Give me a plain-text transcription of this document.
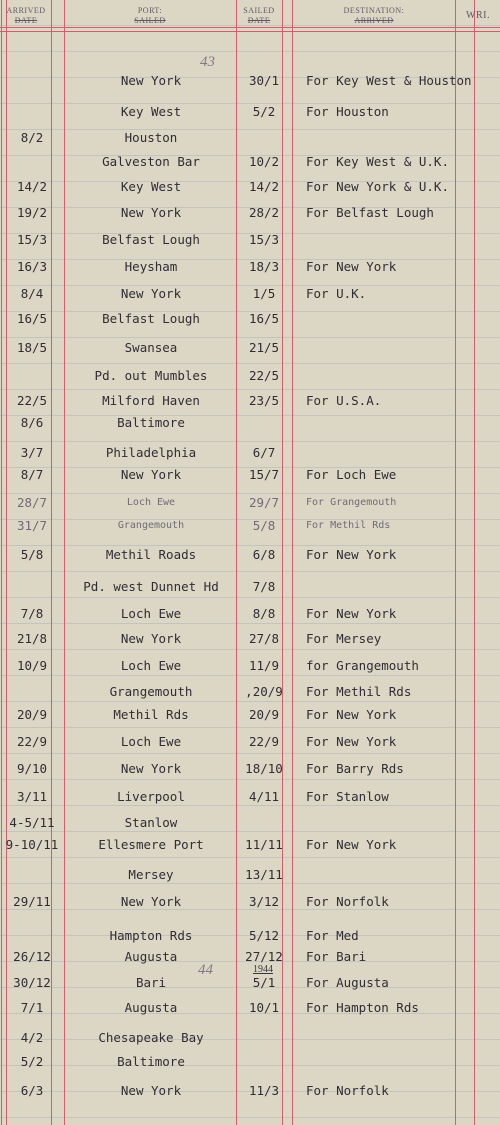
ARRIVED
DATE
PORT:
SAILED
SAILED
DATE
DESTINATION:
ARRIVED	WRI.
43
44	1944
New York	30/1	For Key West & Houston
Key West	5/2	For Houston
8/2	Houston
Galveston Bar	10/2	For Key West & U.K.
14/2	Key West	14/2	For New York & U.K.
19/2	New York	28/2	For Belfast Lough
15/3	Belfast Lough	15/3
16/3	Heysham	18/3	For New York
8/4	New York	1/5	For U.K.
16/5	Belfast Lough	16/5
18/5	Swansea	21/5
Pd. out Mumbles	22/5
22/5	Milford Haven	23/5	For U.S.A.
8/6	Baltimore
3/7	Philadelphia	6/7
8/7	New York	15/7	For Loch Ewe
28/7	Loch Ewe	29/7	For Grangemouth
31/7	Grangemouth	5/8	For Methil Rds
5/8	Methil Roads	6/8	For New York
Pd. west Dunnet Hd	7/8
7/8	Loch Ewe	8/8	For New York
21/8	New York	27/8	For Mersey
10/9	Loch Ewe	11/9	for Grangemouth
Grangemouth	,20/9	For Methil Rds
20/9	Methil Rds	20/9	For New York
22/9	Loch Ewe	22/9	For New York
9/10	New York	18/10	For Barry Rds
3/11	Liverpool	4/11	For Stanlow
4-5/11	Stanlow
9-10/11	Ellesmere Port	11/11	For New York
Mersey	13/11
29/11	New York	3/12	For Norfolk
Hampton Rds	5/12	For Med
26/12	Augusta	27/12	For Bari
30/12	Bari	5/1	For Augusta
7/1	Augusta	10/1	For Hampton Rds
4/2	Chesapeake Bay
5/2	Baltimore
6/3	New York	11/3	For Norfolk
